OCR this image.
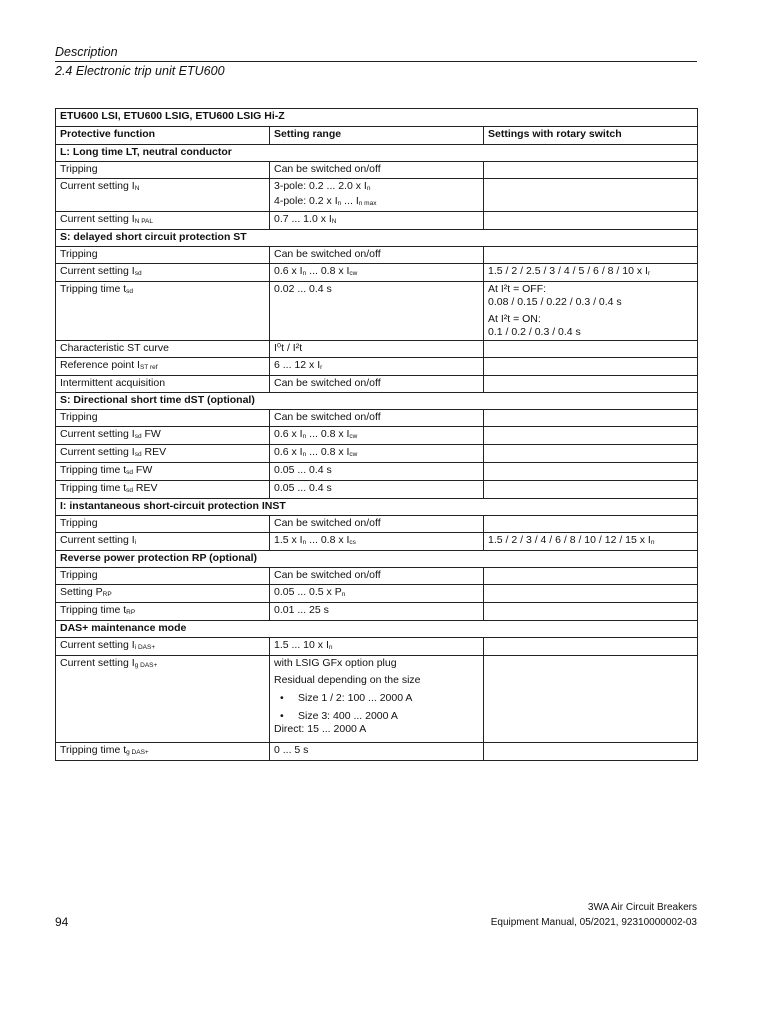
Description
2.4 Electronic trip unit ETU600
ETU600 LSI, ETU600 LSIG, ETU600 LSIG Hi-Z		
Protective function	Setting range	Settings with rotary switch
L: Long time LT, neutral conductor		
Tripping	Can be switched on/off	
Current setting $I_N$	3-pole: 0.2 ... 2.0 x $I_n$
4-pole: 0.2 x $I_n$ ... $I_{n max}$

Current setting $I_{N PAL}$	0.7 ... 1.0 x $I_N$	
S: delayed short circuit protection ST		
Tripping	Can be switched on/off	
Current setting $I_{sd}$	0.6 x $I_n$ ... 0.8 x $I_{cw}$	1.5 / 2 / 2.5 / 3 / 4 / 5 / 6 / 8 / 10 x $I_r$
Tripping time $t_{sd}$	0.02 ... 0.4 s	At I²t = OFF:
0.08 / 0.15 / 0.22 / 0.3 / 0.4 s
At I²t = ON:
0.1 / 0.2 / 0.3 / 0.4 s

Characteristic ST curve	I⁰t / I²t	
Reference point $I_{ST ref}$	6 ... 12 x $I_r$	
Intermittent acquisition	Can be switched on/off	
S: Directional short time dST (optional)		
Tripping	Can be switched on/off	
Current setting $I_{sd}$ FW	0.6 x $I_n$ ... 0.8 x $I_{cw}$	
Current setting $I_{sd}$ REV	0.6 x $I_n$ ... 0.8 x $I_{cw}$	
Tripping time $t_{sd}$ FW	0.05 ... 0.4 s	
Tripping time $t_{sd}$ REV	0.05 ... 0.4 s	
I: instantaneous short-circuit protection INST		
Tripping	Can be switched on/off	
Current setting $I_i$	1.5 x $I_n$ ... 0.8 x $I_{cs}$	1.5 / 2 / 3 / 4 / 6 / 8 / 10 / 12 / 15 x $I_n$
Reverse power protection RP (optional)		
Tripping	Can be switched on/off	
Setting $P_{RP}$	0.05 ... 0.5 x $P_n$	
Tripping time $t_{RP}$	0.01 ... 25 s	
DAS+ maintenance mode		
Current setting $I_{i DAS+}$	1.5 ... 10 x $I_n$	
Current setting $I_{g DAS+}$	with LSIG GFx option plug
Residual depending on the size
• Size 1 / 2: 100 ... 2000 A
• Size 3: 400 ... 2000 A
Direct: 15 ... 2000 A

Tripping time $t_{g DAS+}$	0 ... 5 s	
3WA Air Circuit Breakers
Equipment Manual, 05/2021, 92310000002-03
94
